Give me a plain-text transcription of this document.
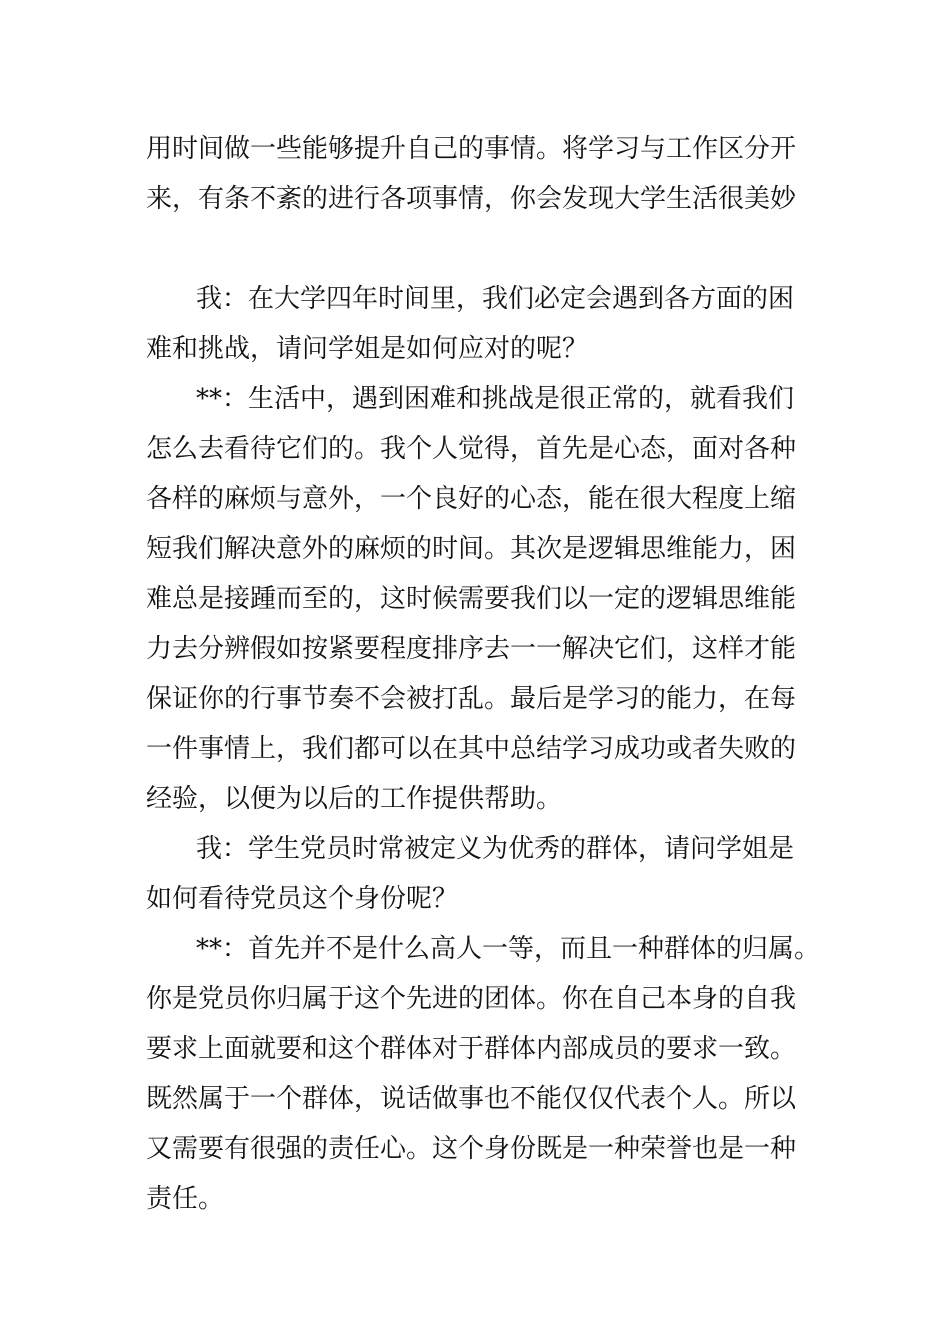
用时间做一些能够提升自己的事情。将学习与工作区分开
来，有条不紊的进行各项事情，你会发现大学生活很美妙
我：在大学四年时间里，我们必定会遇到各方面的困
难和挑战，请问学姐是如何应对的呢？
**：生活中，遇到困难和挑战是很正常的，就看我们
怎么去看待它们的。我个人觉得，首先是心态，面对各种
各样的麻烦与意外，一个良好的心态，能在很大程度上缩
短我们解决意外的麻烦的时间。其次是逻辑思维能力，困
难总是接踵而至的，这时候需要我们以一定的逻辑思维能
力去分辨假如按紧要程度排序去一一解决它们，这样才能
保证你的行事节奏不会被打乱。最后是学习的能力，在每
一件事情上，我们都可以在其中总结学习成功或者失败的
经验，以便为以后的工作提供帮助。
我：学生党员时常被定义为优秀的群体，请问学姐是
如何看待党员这个身份呢？
**：首先并不是什么高人一等，而且一种群体的归属。
你是党员你归属于这个先进的团体。你在自己本身的自我
要求上面就要和这个群体对于群体内部成员的要求一致。
既然属于一个群体，说话做事也不能仅仅代表个人。所以
又需要有很强的责任心。这个身份既是一种荣誉也是一种
责任。
